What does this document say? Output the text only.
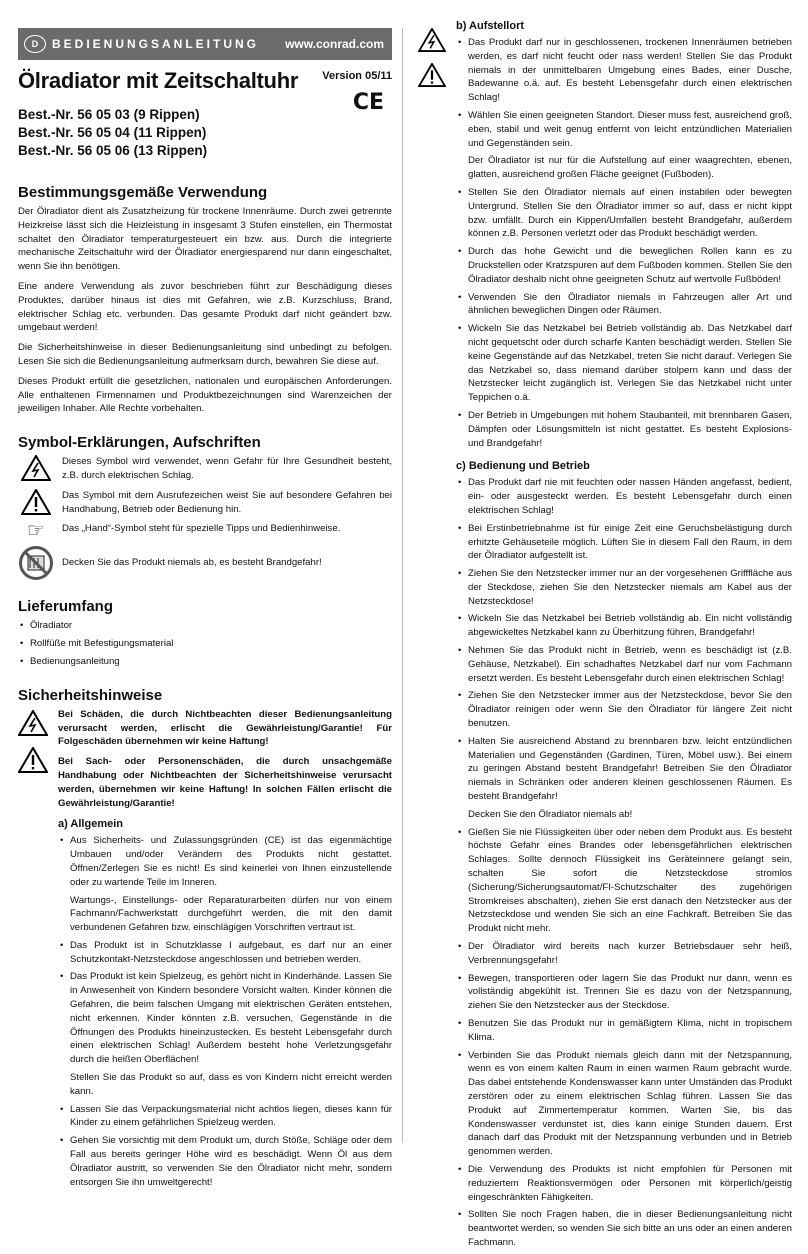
D	BEDIENUNGSANLEITUNG www.conrad.com
Ölradiator mit Zeitschaltuhr	Version 05/11
CE
Best.-Nr. 56 05 03 (9 Rippen)
Best.-Nr. 56 05 04 (11 Rippen)
Best.-Nr. 56 05 06 (13 Rippen)
Bestimmungsgemäße Verwendung

Der Ölradiator dient als Zusatzheizung für trockene Innenräume. Durch zwei getrennte Heizkreise lässt sich die Heizleistung in insgesamt 3 Stufen einstellen, ein Thermostat schaltet den Ölradiator temperaturgesteuert ein bzw. aus. Durch die integrierte mechanische Zeitschaltuhr wird der Ölradiator energiesparend nur dann eingeschaltet, wenn Sie ihn benötigen.

Eine andere Verwendung als zuvor beschrieben führt zur Beschädigung dieses Produktes, darüber hinaus ist dies mit Gefahren, wie z.B. Kurzschluss, Brand, elektrischer Schlag etc. verbunden. Das gesamte Produkt darf nicht geändert bzw. umgebaut werden!

Die Sicherheitshinweise in dieser Bedienungsanleitung sind unbedingt zu befolgen. Lesen Sie sich die Bedienungsanleitung aufmerksam durch, bewahren Sie diese auf.

Dieses Produkt erfüllt die gesetzlichen, nationalen und europäischen Anforderungen. Alle enthaltenen Firmennamen und Produktbezeichnungen sind Warenzeichen der jeweiligen Inhaber. Alle Rechte vorbehalten.

Symbol-Erklärungen, Aufschriften

Dieses Symbol wird verwendet, wenn Gefahr für Ihre Gesundheit besteht, z.B. durch elektrischen Schlag.

Das Symbol mit dem Ausrufezeichen weist Sie auf besondere Gefahren bei Handhabung, Betrieb oder Bedienung hin.

☞	Das „Hand“-Symbol steht für spezielle Tipps und Bedienhinweise.

Decken Sie das Produkt niemals ab, es besteht Brandgefahr!

Lieferumfang
• Ölradiator
• Rollfüße mit Befestigungsmaterial
• Bedienungsanleitung
Sicherheitshinweise

Bei Schäden, die durch Nichtbeachten dieser Bedienungsanleitung verursacht werden, erlischt die Gewährleistung/Garantie! Für Folgeschäden übernehmen wir keine Haftung!

Bei Sach- oder Personenschäden, die durch unsachgemäße Handhabung oder Nichtbeachten der Sicherheitshinweise verursacht werden, übernehmen wir keine Haftung! In solchen Fällen erlischt die Gewährleistung/Garantie!

a) Allgemein
• Aus Sicherheits- und Zulassungsgründen (CE) ist das eigenmächtige Umbauen und/oder Verändern des Produkts nicht gestattet. Öffnen/Zerlegen Sie es nicht! Es sind keinerlei von Ihnen einzustellende oder zu wartende Teile im Inneren.
Wartungs-, Einstellungs- oder Reparaturarbeiten dürfen nur von einem Fachmann/Fachwerkstatt durchgeführt werden, die mit den damit verbundenen Gefahren bzw. einschlägigen Vorschriften vertraut ist.
• Das Produkt ist in Schutzklasse I aufgebaut, es darf nur an einer Schutzkontakt-Netzsteckdose angeschlossen und betrieben werden.
• Das Produkt ist kein Spielzeug, es gehört nicht in Kinderhände. Lassen Sie in Anwesenheit von Kindern besondere Vorsicht walten. Kinder können die Gefahren, die beim falschen Umgang mit elektrischen Geräten entstehen, nicht erkennen. Kinder könnten z.B. versuchen, Gegenstände in die Öffnungen des Produkts hineinzustecken. Es besteht Lebensgefahr durch einen elektrischen Schlag! Außerdem besteht hohe Verletzungsgefahr durch die heißen Oberflächen!
Stellen Sie das Produkt so auf, dass es von Kindern nicht erreicht werden kann.
• Lassen Sie das Verpackungsmaterial nicht achtlos liegen, dieses kann für Kinder zu einem gefährlichen Spielzeug werden.
• Gehen Sie vorsichtig mit dem Produkt um, durch Stöße, Schläge oder dem Fall aus bereits geringer Höhe wird es beschädigt. Wenn Öl aus dem Ölradiator austritt, so verwenden Sie den Ölradiator nicht mehr, sondern entsorgen Sie ihn umweltgerecht!
b) Aufstellort
• Das Produkt darf nur in geschlossenen, trockenen Innenräumen betrieben werden, es darf nicht feucht oder nass werden! Stellen Sie das Produkt niemals in der unmittelbaren Umgebung eines Bades, einer Dusche, Badewanne o.ä. auf. Es besteht Lebensgefahr durch einen elektrischen Schlag!
• Wählen Sie einen geeigneten Standort. Dieser muss fest, ausreichend groß, eben, stabil und weit genug entfernt von leicht entzündlichen Materialien und Gegenständen sein.
Der Ölradiator ist nur für die Aufstellung auf einer waagrechten, ebenen, glatten, ausreichend großen Fläche geeignet (Fußboden).
• Stellen Sie den Ölradiator niemals auf einen instabilen oder bewegten Untergrund. Stellen Sie den Ölradiator immer so auf, dass er nicht kippt bzw. umfällt. Durch ein Kippen/Umfallen besteht Brandgefahr, außerdem können z.B. Personen verletzt oder das Produkt beschädigt werden.
• Durch das hohe Gewicht und die beweglichen Rollen kann es zu Druckstellen oder Kratzspuren auf dem Fußboden kommen. Stellen Sie den Ölradiator deshalb nicht ohne geeigneten Schutz auf wertvolle Fußböden!
• Verwenden Sie den Ölradiator niemals in Fahrzeugen aller Art und ähnlichen beweglichen Dingen oder Räumen.
• Wickeln Sie das Netzkabel bei Betrieb vollständig ab. Das Netzkabel darf nicht gequetscht oder durch scharfe Kanten beschädigt werden. Stellen Sie keine Gegenstände auf das Netzkabel, treten Sie nicht darauf. Verlegen Sie das Netzkabel so, dass niemand darüber stolpern kann und dass der Netzstecker leicht zugänglich ist. Verlegen Sie das Netzkabel nicht unter Teppichen o.ä.
• Der Betrieb in Umgebungen mit hohem Staubanteil, mit brennbaren Gasen, Dämpfen oder Lösungsmitteln ist nicht gestattet. Es besteht Explosions- und Brandgefahr!
c) Bedienung und Betrieb
• Das Produkt darf nie mit feuchten oder nassen Händen angefasst, bedient, ein- oder ausgesteckt werden. Es besteht Lebensgefahr durch einen elektrischen Schlag!
• Bei Erstinbetriebnahme ist für einige Zeit eine Geruchsbelästigung durch erhitzte Gehäuseteile möglich. Lüften Sie in diesem Fall den Raum, in dem der Ölradiator aufgestellt ist.
• Ziehen Sie den Netzstecker immer nur an der vorgesehenen Grifffläche aus der Steckdose, ziehen Sie den Netzstecker niemals am Kabel aus der Netzsteckdose!
• Wickeln Sie das Netzkabel bei Betrieb vollständig ab. Ein nicht vollständig abgewickeltes Netzkabel kann zu Überhitzung führen, Brandgefahr!
• Nehmen Sie das Produkt nicht in Betrieb, wenn es beschädigt ist (z.B. Gehäuse, Netzkabel). Ein schadhaftes Netzkabel darf nur vom Fachmann ersetzt werden. Es besteht Lebensgefahr durch einen elektrischen Schlag!
• Ziehen Sie den Netzstecker immer aus der Netzsteckdose, bevor Sie den Ölradiator reinigen oder wenn Sie den Ölradiator für längere Zeit nicht benutzen.
• Halten Sie ausreichend Abstand zu brennbaren bzw. leicht entzündlichen Materialien und Gegenständen (Gardinen, Türen, Möbel usw.). Bei einem zu geringen Abstand besteht Brandgefahr! Betreiben Sie den Ölradiator niemals in Schränken oder anderen kleinen geschlossenen Räumen. Es besteht Brandgefahr!
Decken Sie den Ölradiator niemals ab!
• Gießen Sie nie Flüssigkeiten über oder neben dem Produkt aus. Es besteht höchste Gefahr eines Brandes oder lebensgefährlichen elektrischen Schlages. Sollte dennoch Flüssigkeit ins Geräteinnere gelangt sein, schalten Sie sofort die Netzsteckdose stromlos (Sicherung/Sicherungsautomat/FI-Schutzschalter des zugehörigen Stromkreises abschalten), ziehen Sie erst danach den Netzstecker aus der Netzsteckdose und wenden Sie sich an eine Fachkraft. Betreiben Sie das Produkt nicht mehr.
• Der Ölradiator wird bereits nach kurzer Betriebsdauer sehr heiß, Verbrennungsgefahr!
• Bewegen, transportieren oder lagern Sie das Produkt nur dann, wenn es vollständig abgekühlt ist. Trennen Sie es dazu von der Netzspannung, ziehen Sie den Netzstecker aus der Steckdose.
• Benutzen Sie das Produkt nur in gemäßigtem Klima, nicht in tropischem Klima.
• Verbinden Sie das Produkt niemals gleich dann mit der Netzspannung, wenn es von einem kalten Raum in einen warmen Raum gebracht wurde. Das dabei entstehende Kondenswasser kann unter Umständen das Produkt zerstören oder zu einem elektrischen Schlag führen. Lassen Sie das Produkt auf Zimmertemperatur kommen. Warten Sie, bis das Kondenswasser verdunstet ist, dies kann einige Stunden dauern. Erst danach darf das Produkt mit der Netzspannung verbunden und in Betrieb genommen werden.
• Die Verwendung des Produkts ist nicht empfohlen für Personen mit reduziertem Reaktionsvermögen oder Personen mit körperlich/geistig eingeschränkten Fähigkeiten.
• Sollten Sie noch Fragen haben, die in dieser Bedienungsanleitung nicht beantwortet werden, so wenden Sie sich bitte an uns oder an einen anderen Fachmann.
